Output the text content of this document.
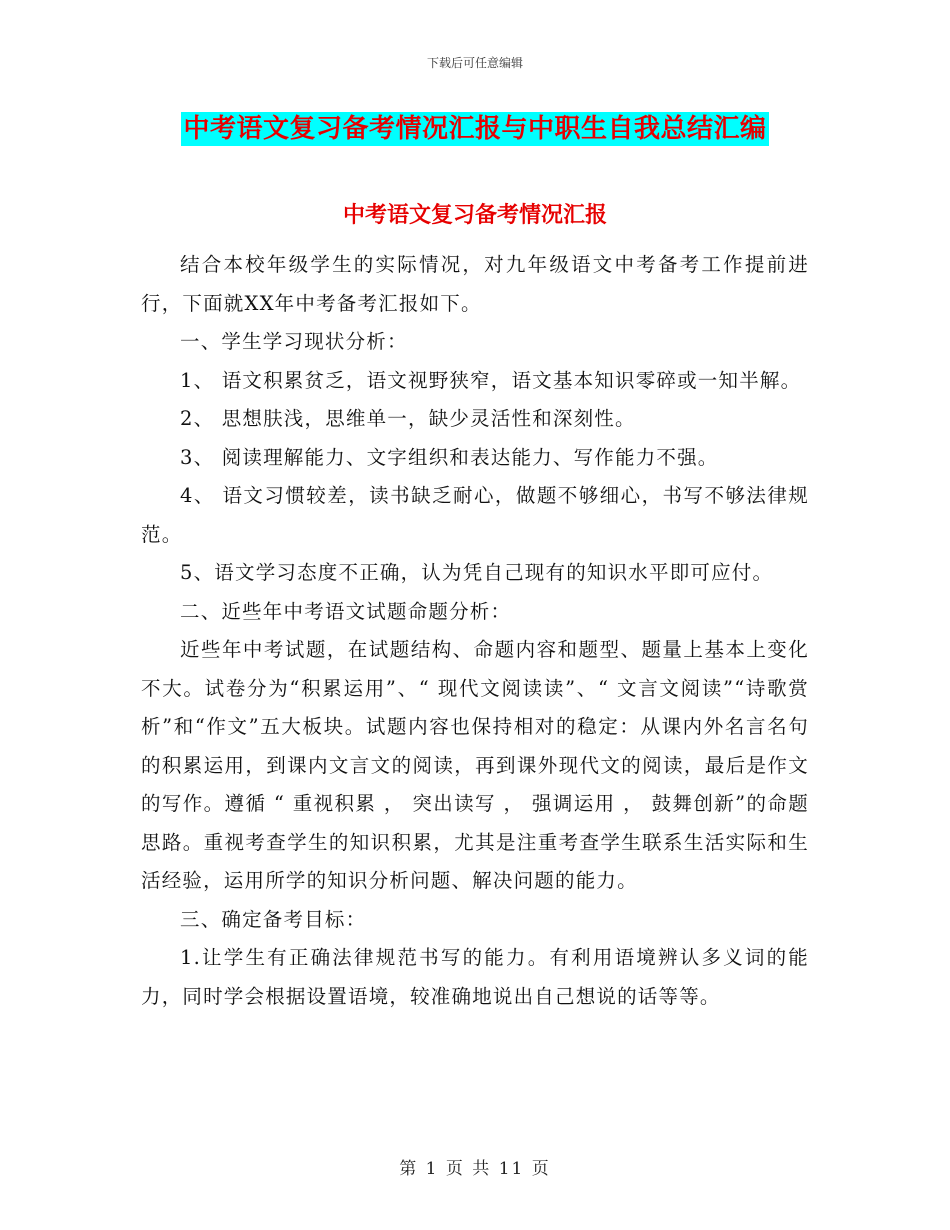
下载后可任意编辑
中考语文复习备考情况汇报与中职生自我总结汇编
中考语文复习备考情况汇报

结合本校年级学生的实际情况，对九年级语文中考备考工作提前进行，下面就XX年中考备考汇报如下。

一、学生学习现状分析：

1、 语文积累贫乏，语文视野狭窄，语文基本知识零碎或一知半解。

2、 思想肤浅，思维单一，缺少灵活性和深刻性。

3、 阅读理解能力、文字组织和表达能力、写作能力不强。

4、 语文习惯较差，读书缺乏耐心，做题不够细心，书写不够法律规范。

5、语文学习态度不正确，认为凭自己现有的知识水平即可应付。

二、近些年中考语文试题命题分析：

近些年中考试题，在试题结构、命题内容和题型、题量上基本上变化不大。试卷分为“积累运用”、“ 现代文阅读读”、“ 文言文阅读”“诗歌赏析”和“作文”五大板块。试题内容也保持相对的稳定：从课内外名言名句的积累运用，到课内文言文的阅读，再到课外现代文的阅读，最后是作文的写作。遵循 “ 重视积累 ， 突出读写 ， 强调运用 ， 鼓舞创新”的命题思路。重视考查学生的知识积累，尤其是注重考查学生联系生活实际和生活经验，运用所学的知识分析问题、解决问题的能力。

三、确定备考目标：

1.让学生有正确法律规范书写的能力。有利用语境辨认多义词的能力，同时学会根据设置语境，较准确地说出自己想说的话等等。

第 1 页 共 11 页
